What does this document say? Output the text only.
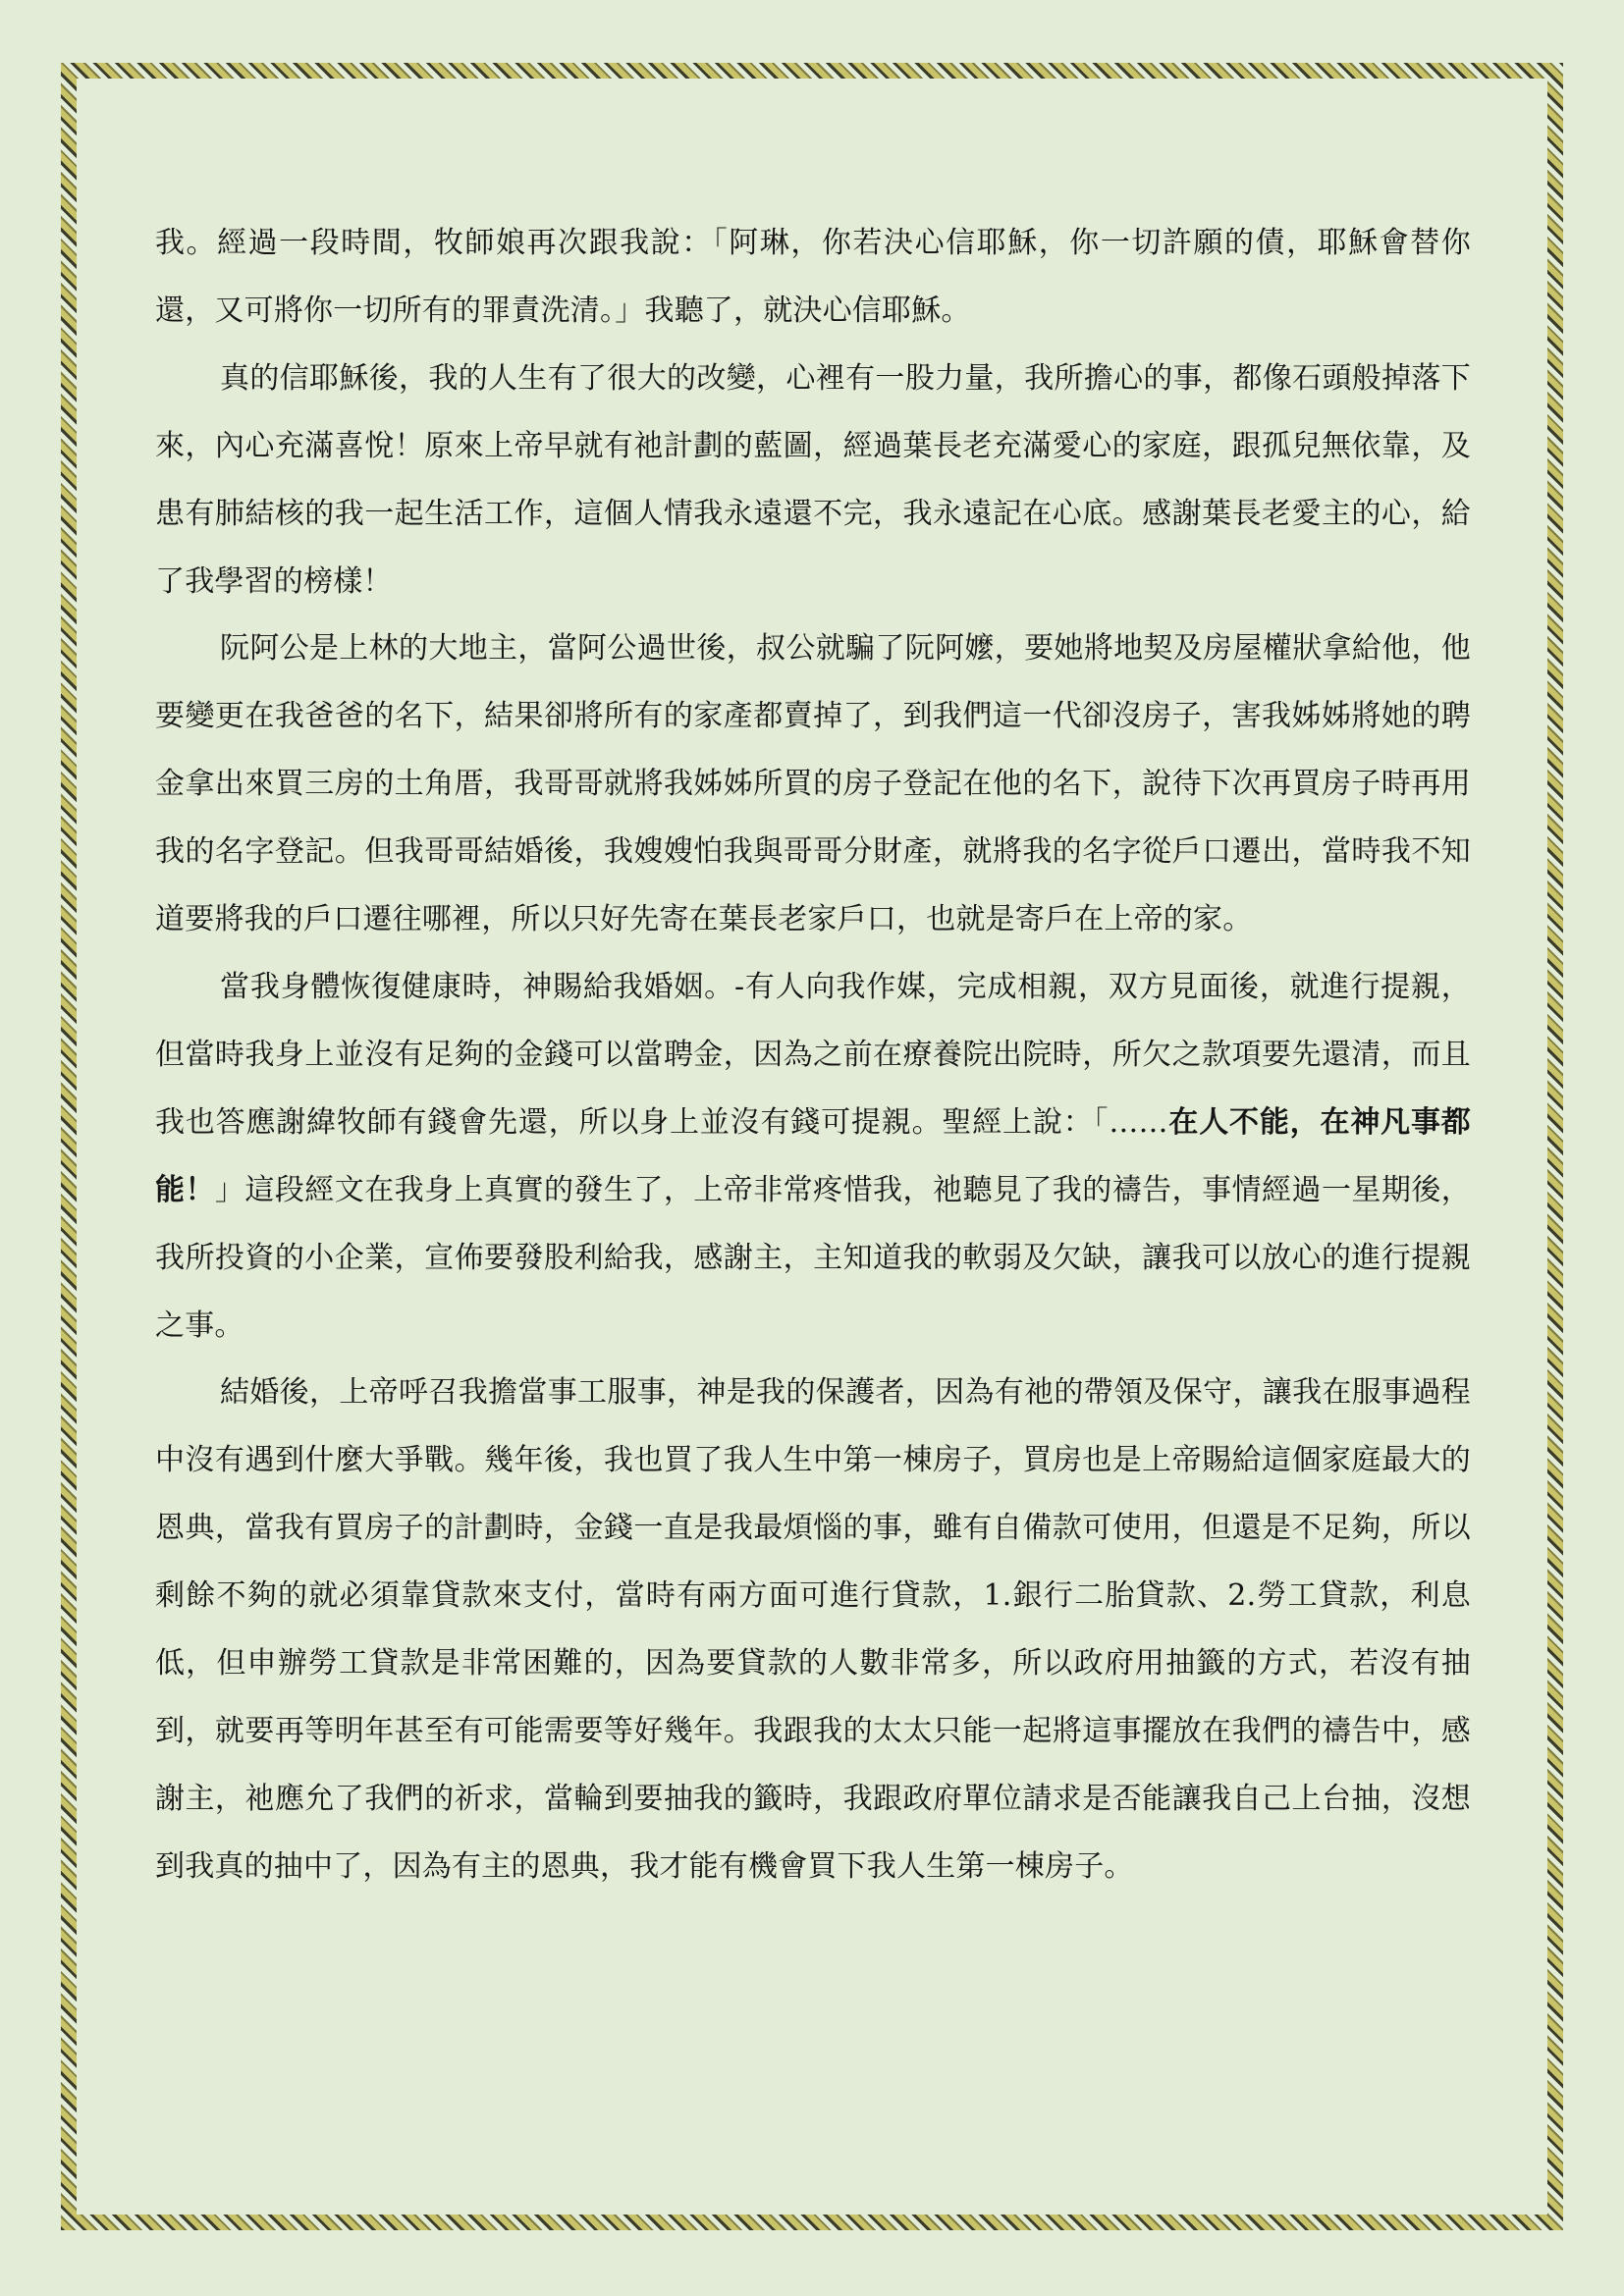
我。經過一段時間，牧師娘再次跟我說：「阿琳，你若決心信耶穌，你一切許願的債，耶穌會替你還，又可將你一切所有的罪責洗清。」我聽了，就決心信耶穌。

真的信耶穌後，我的人生有了很大的改變，心裡有一股力量，我所擔心的事，都像石頭般掉落下來，內心充滿喜悅！原來上帝早就有祂計劃的藍圖，經過葉長老充滿愛心的家庭，跟孤兒無依靠，及患有肺結核的我一起生活工作，這個人情我永遠還不完，我永遠記在心底。感謝葉長老愛主的心，給了我學習的榜樣！

阮阿公是上林的大地主，當阿公過世後，叔公就騙了阮阿嬤，要她將地契及房屋權狀拿給他，他要變更在我爸爸的名下，結果卻將所有的家產都賣掉了，到我們這一代卻沒房子，害我姊姊將她的聘金拿出來買三房的土角厝，我哥哥就將我姊姊所買的房子登記在他的名下，說待下次再買房子時再用我的名字登記。但我哥哥結婚後，我嫂嫂怕我與哥哥分財產，就將我的名字從戶口遷出，當時我不知道要將我的戶口遷往哪裡，所以只好先寄在葉長老家戶口，也就是寄戶在上帝的家。

當我身體恢復健康時，神賜給我婚姻。-有人向我作媒，完成相親，双方見面後，就進行提親，但當時我身上並沒有足夠的金錢可以當聘金，因為之前在療養院出院時，所欠之款項要先還清，而且我也答應謝緯牧師有錢會先還，所以身上並沒有錢可提親。聖經上說：「……在人不能，在神凡事都能！」這段經文在我身上真實的發生了，上帝非常疼惜我，祂聽見了我的禱告，事情經過一星期後，我所投資的小企業，宣佈要發股利給我，感謝主，主知道我的軟弱及欠缺，讓我可以放心的進行提親之事。

結婚後，上帝呼召我擔當事工服事，神是我的保護者，因為有祂的帶領及保守，讓我在服事過程中沒有遇到什麼大爭戰。幾年後，我也買了我人生中第一棟房子，買房也是上帝賜給這個家庭最大的恩典，當我有買房子的計劃時，金錢一直是我最煩惱的事，雖有自備款可使用，但還是不足夠，所以剩餘不夠的就必須靠貸款來支付，當時有兩方面可進行貸款，1.銀行二胎貸款、2.勞工貸款，利息低，但申辦勞工貸款是非常困難的，因為要貸款的人數非常多，所以政府用抽籤的方式，若沒有抽到，就要再等明年甚至有可能需要等好幾年。我跟我的太太只能一起將這事擺放在我們的禱告中，感謝主，祂應允了我們的祈求，當輪到要抽我的籤時，我跟政府單位請求是否能讓我自己上台抽，沒想到我真的抽中了，因為有主的恩典，我才能有機會買下我人生第一棟房子。
